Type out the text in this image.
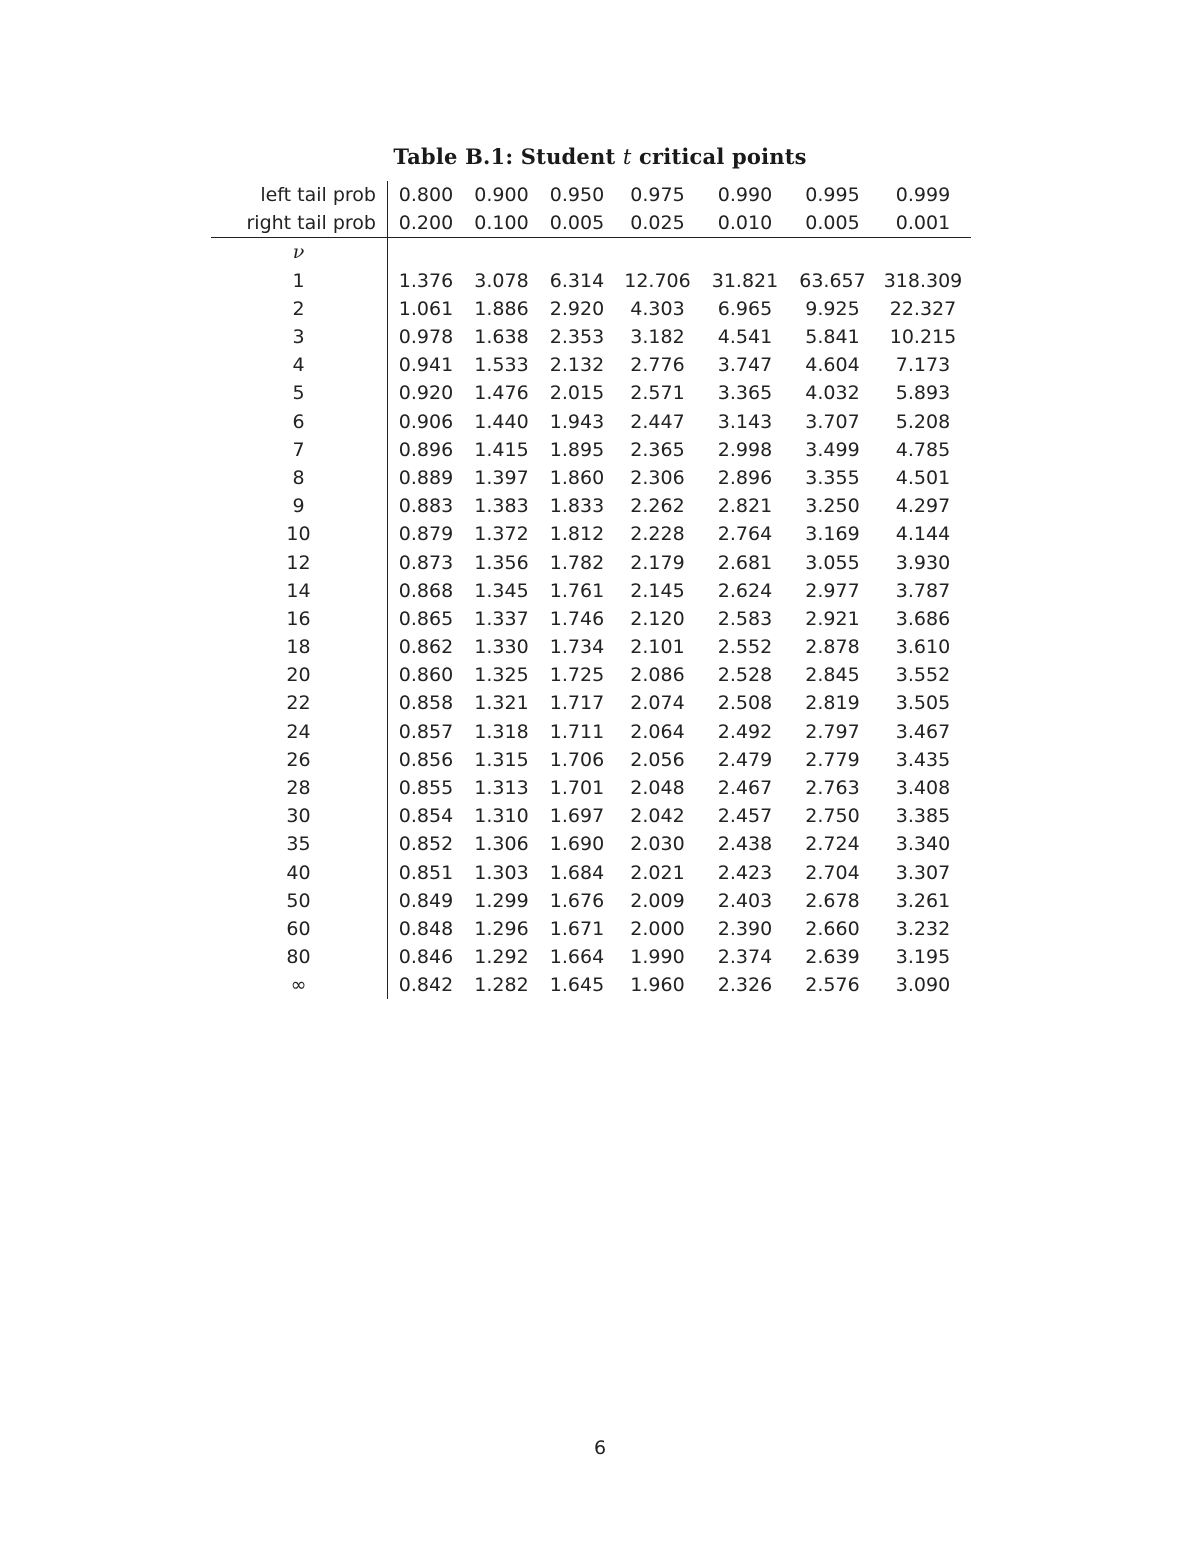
Table B.1: Student t critical points
left tail prob	0.800	0.900	0.950	0.975	0.990	0.995	0.999
right tail prob	0.200	0.100	0.005	0.025	0.010	0.005	0.001
ν							
1	1.376	3.078	6.314	12.706	31.821	63.657	318.309
2	1.061	1.886	2.920	4.303	6.965	9.925	22.327
3	0.978	1.638	2.353	3.182	4.541	5.841	10.215
4	0.941	1.533	2.132	2.776	3.747	4.604	7.173
5	0.920	1.476	2.015	2.571	3.365	4.032	5.893
6	0.906	1.440	1.943	2.447	3.143	3.707	5.208
7	0.896	1.415	1.895	2.365	2.998	3.499	4.785
8	0.889	1.397	1.860	2.306	2.896	3.355	4.501
9	0.883	1.383	1.833	2.262	2.821	3.250	4.297
10	0.879	1.372	1.812	2.228	2.764	3.169	4.144
12	0.873	1.356	1.782	2.179	2.681	3.055	3.930
14	0.868	1.345	1.761	2.145	2.624	2.977	3.787
16	0.865	1.337	1.746	2.120	2.583	2.921	3.686
18	0.862	1.330	1.734	2.101	2.552	2.878	3.610
20	0.860	1.325	1.725	2.086	2.528	2.845	3.552
22	0.858	1.321	1.717	2.074	2.508	2.819	3.505
24	0.857	1.318	1.711	2.064	2.492	2.797	3.467
26	0.856	1.315	1.706	2.056	2.479	2.779	3.435
28	0.855	1.313	1.701	2.048	2.467	2.763	3.408
30	0.854	1.310	1.697	2.042	2.457	2.750	3.385
35	0.852	1.306	1.690	2.030	2.438	2.724	3.340
40	0.851	1.303	1.684	2.021	2.423	2.704	3.307
50	0.849	1.299	1.676	2.009	2.403	2.678	3.261
60	0.848	1.296	1.671	2.000	2.390	2.660	3.232
80	0.846	1.292	1.664	1.990	2.374	2.639	3.195
∞	0.842	1.282	1.645	1.960	2.326	2.576	3.090
6
